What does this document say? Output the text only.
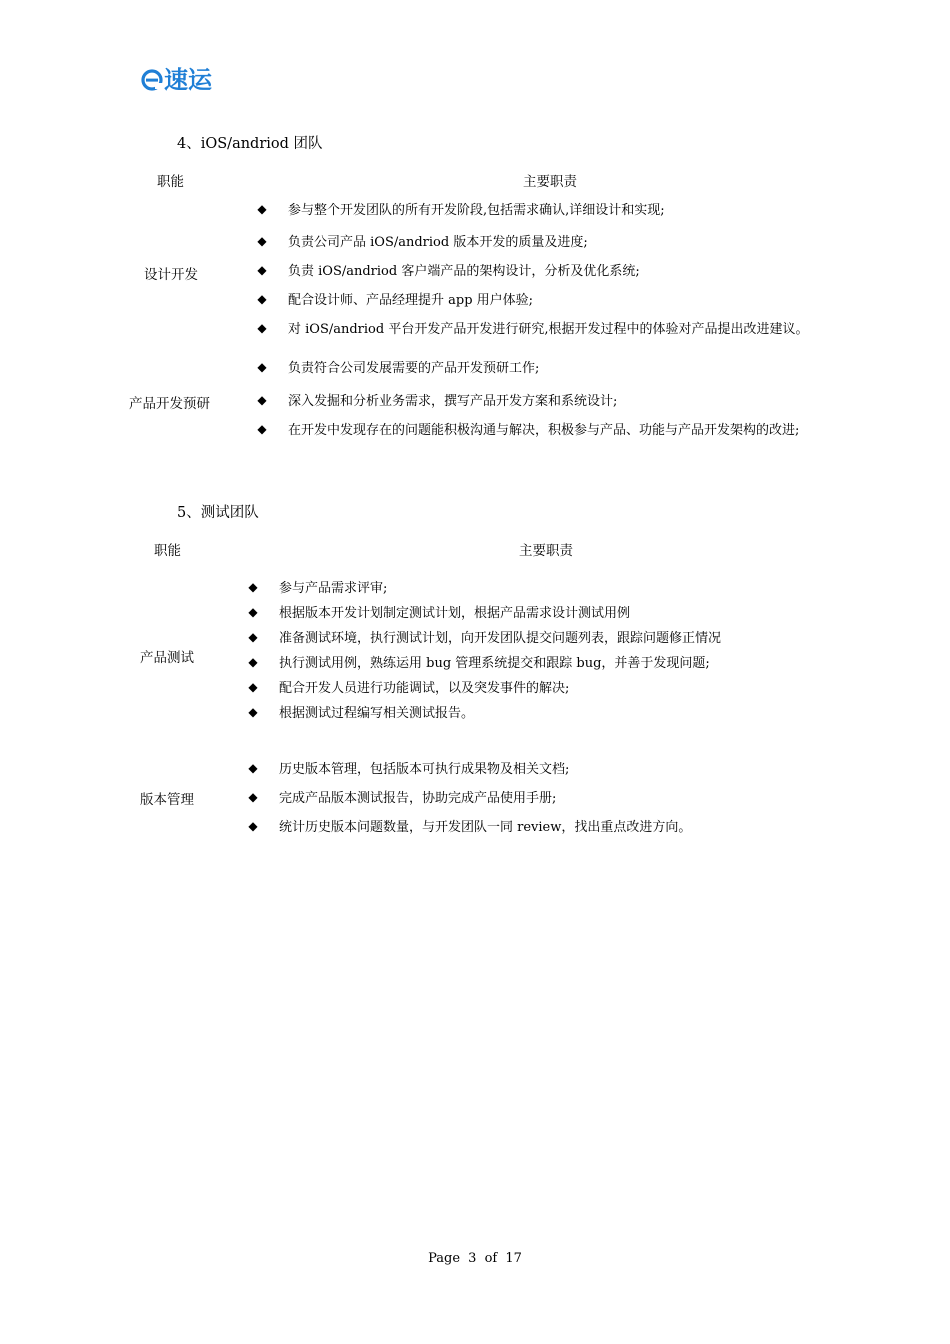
速运
4、iOS/andriod 团队
职能	主要职责
设计开发
◆ 参与整个开发团队的所有开发阶段,包括需求确认,详细设计和实现;
◆ 负责公司产品 iOS/andriod 版本开发的质量及进度;
◆ 负责 iOS/andriod 客户端产品的架构设计，分析及优化系统;
◆ 配合设计师、产品经理提升 app 用户体验;
◆ 对 iOS/andriod 平台开发产品开发进行研究,根据开发过程中的体验对产品提出改进建议。
产品开发预研
◆ 负责符合公司发展需要的产品开发预研工作;
◆ 深入发掘和分析业务需求，撰写产品开发方案和系统设计;
◆ 在开发中发现存在的问题能积极沟通与解决，积极参与产品、功能与产品开发架构的改进;
5、测试团队
职能	主要职责
产品测试
◆ 参与产品需求评审;
◆ 根据版本开发计划制定测试计划，根据产品需求设计测试用例
◆ 准备测试环境，执行测试计划，向开发团队提交问题列表，跟踪问题修正情况
◆ 执行测试用例，熟练运用 bug 管理系统提交和跟踪 bug，并善于发现问题;
◆ 配合开发人员进行功能调试，以及突发事件的解决;
◆ 根据测试过程编写相关测试报告。
版本管理
◆ 历史版本管理，包括版本可执行成果物及相关文档;
◆ 完成产品版本测试报告，协助完成产品使用手册;
◆ 统计历史版本问题数量，与开发团队一同 review，找出重点改进方向。
Page 3 of 17
